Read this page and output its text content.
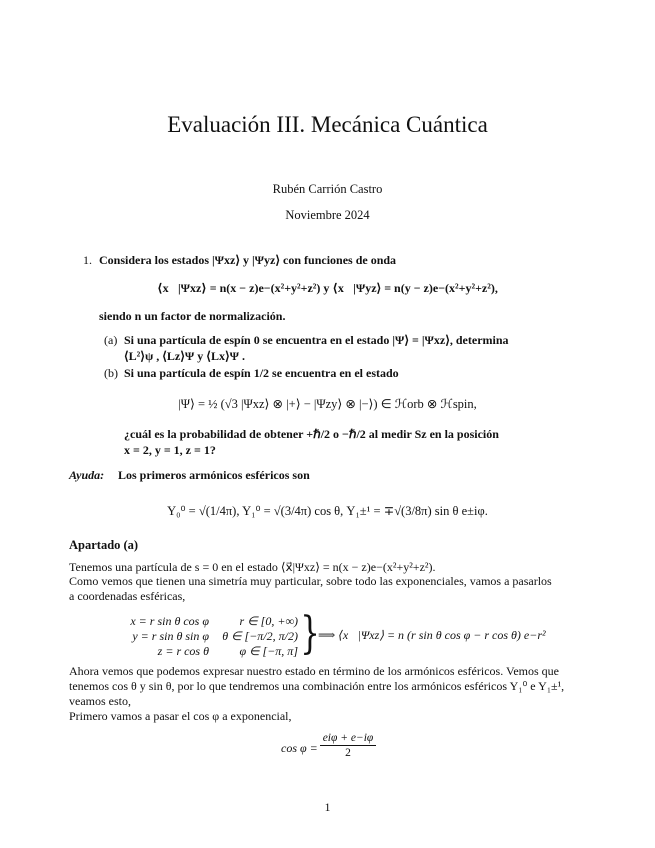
Evaluación III. Mecánica Cuántica
Rubén Carrión Castro
Noviembre 2024
1. Considera los estados |Ψxz⟩ y |Ψyz⟩ con funciones de onda
⟨x⃗|Ψxz⟩ = n(x − z)e−(x²+y²+z²) y ⟨x⃗|Ψyz⟩ = n(y − z)e−(x²+y²+z²),
siendo n un factor de normalización.
(a) Si una partícula de espín 0 se encuentra en el estado |Ψ⟩ = |Ψxz⟩, determina
⟨L²⟩ψ , ⟨Lz⟩Ψ y ⟨Lx⟩Ψ .
(b) Si una partícula de espín 1/2 se encuentra en el estado
|Ψ⟩ = ½ (√3 |Ψxz⟩ ⊗ |+⟩ − |Ψzy⟩ ⊗ |−⟩) ∈ ℋorb ⊗ ℋspin,
¿cuál es la probabilidad de obtener +ℏ/2 o −ℏ/2 al medir Sz en la posición
x = 2, y = 1, z = 1?
Ayuda: Los primeros armónicos esféricos son
Y₀⁰ = √(1/4π), Y₁⁰ = √(3/4π) cos θ, Y₁±¹ = ∓√(3/8π) sin θ e±iφ.
Apartado (a)
Tenemos una partícula de s = 0 en el estado ⟨x⃗|Ψxz⟩ = n(x − z)e−(x²+y²+z²).
Como vemos que tienen una simetría muy particular, sobre todo las exponenciales, vamos a pasarlos
a coordenadas esféricas,
x = r sin θ cos φ
y = r sin θ sin φ
z = r cos θ
r ∈ [0, +∞)
θ ∈ [−π/2, π/2)
φ ∈ [−π, π] }
⟹ ⟨x⃗|Ψxz⟩ = n (r sin θ cos φ − r cos θ) e−r²
Ahora vemos que podemos expresar nuestro estado en término de los armónicos esféricos. Vemos que
tenemos cos θ y sin θ, por lo que tendremos una combinación entre los armónicos esféricos Y₁⁰ e Y₁±¹,
veamos esto,
Primero vamos a pasar el cos φ a exponencial,
cos φ =
eiφ + e−iφ
2
1
